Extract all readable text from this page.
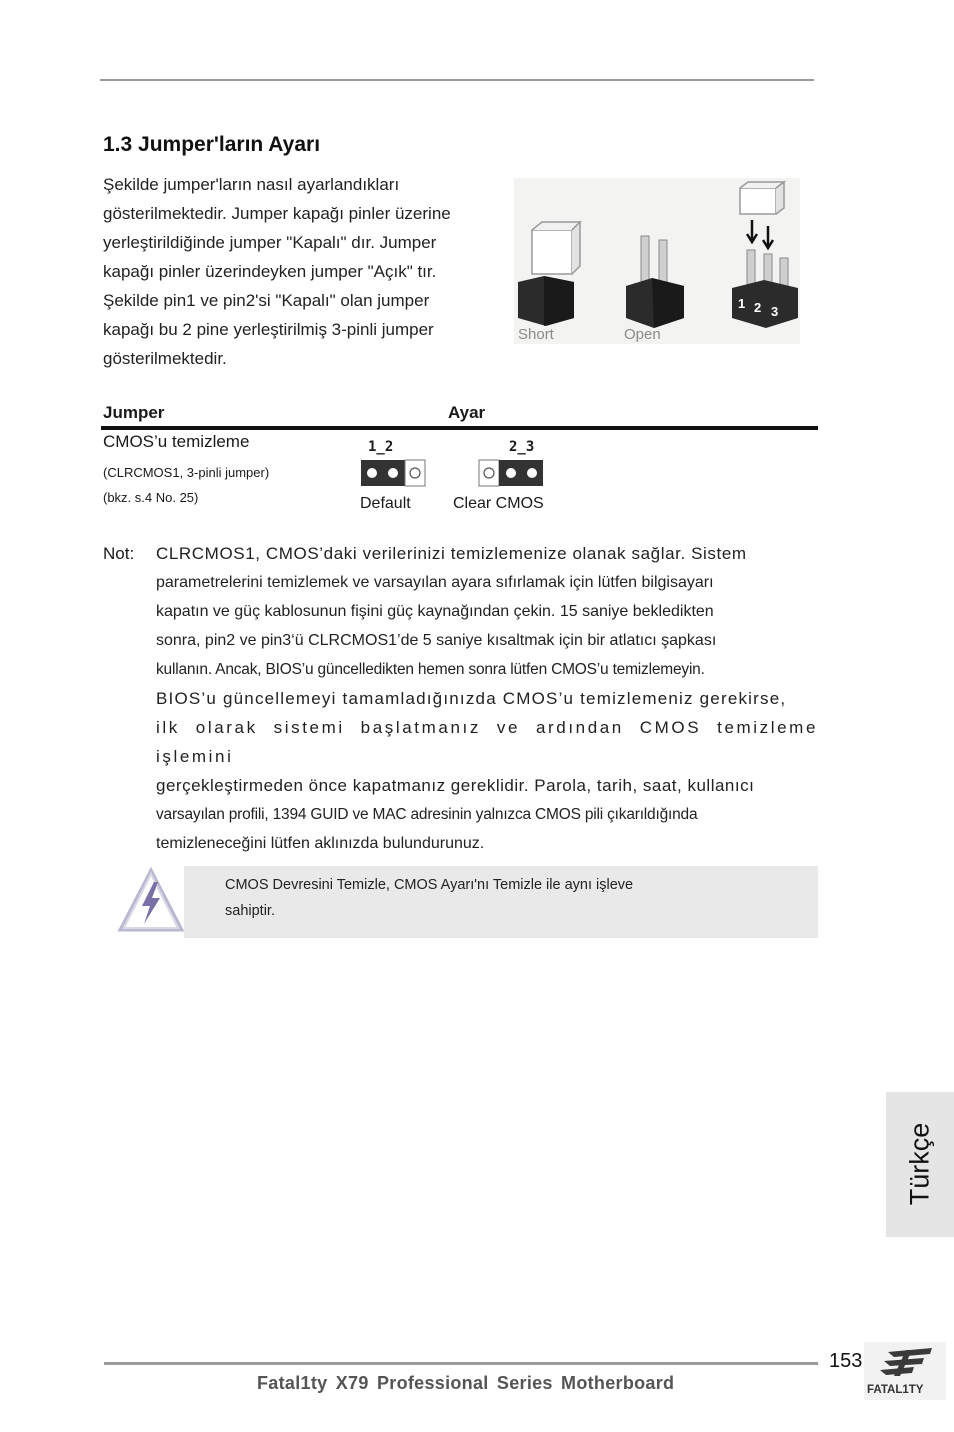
1.3 Jumper'ların Ayarı

Şekilde jumper'ların nasıl ayarlandıkları

gösterilmektedir. Jumper kapağı pinler üzerine

yerleştirildiğinde jumper "Kapalı" dır. Jumper

kapağı pinler üzerindeyken jumper "Açık" tır.

Şekilde pin1 ve pin2'si "Kapalı" olan jumper

kapağı bu 2 pine yerleştirilmiş 3-pinli jumper

gösterilmektedir.

Short	Open
1 2 3
Jumper	Ayar
CMOS’u temizleme
(CLRCMOS1, 3-pinli jumper)
(bkz. s.4 No. 25)
1_2	2_3
Default	Clear CMOS
Not: CLRCMOS1, CMOS’daki verilerinizi temizlemenize olanak sağlar. Sistem

parametrelerini temizlemek ve varsayılan ayara sıfırlamak için lütfen bilgisayarı

kapatın ve güç kablosunun fişini güç kaynağından çekin. 15 saniye bekledikten

sonra, pin2 ve pin3‘ü CLRCMOS1’de 5 saniye kısaltmak için bir atlatıcı şapkası

kullanın. Ancak, BIOS’u güncelledikten hemen sonra lütfen CMOS’u temizlemeyin.

BIOS’u güncellemeyi tamamladığınızda CMOS’u temizlemeniz gerekirse,

ilk olarak sistemi başlatmanız ve ardından CMOS temizleme işlemini

gerçekleştirmeden önce kapatmanız gereklidir. Parola, tarih, saat, kullanıcı

varsayılan profili, 1394 GUID ve MAC adresinin yalnızca CMOS pili çıkarıldığında

temizleneceğini lütfen aklınızda bulundurunuz.

CMOS Devresini Temizle, CMOS Ayarı'nı Temizle ile aynı işleve
sahiptir.
Türkçe
153
Fatal1ty X79 Professional Series Motherboard	FATAL1TY
